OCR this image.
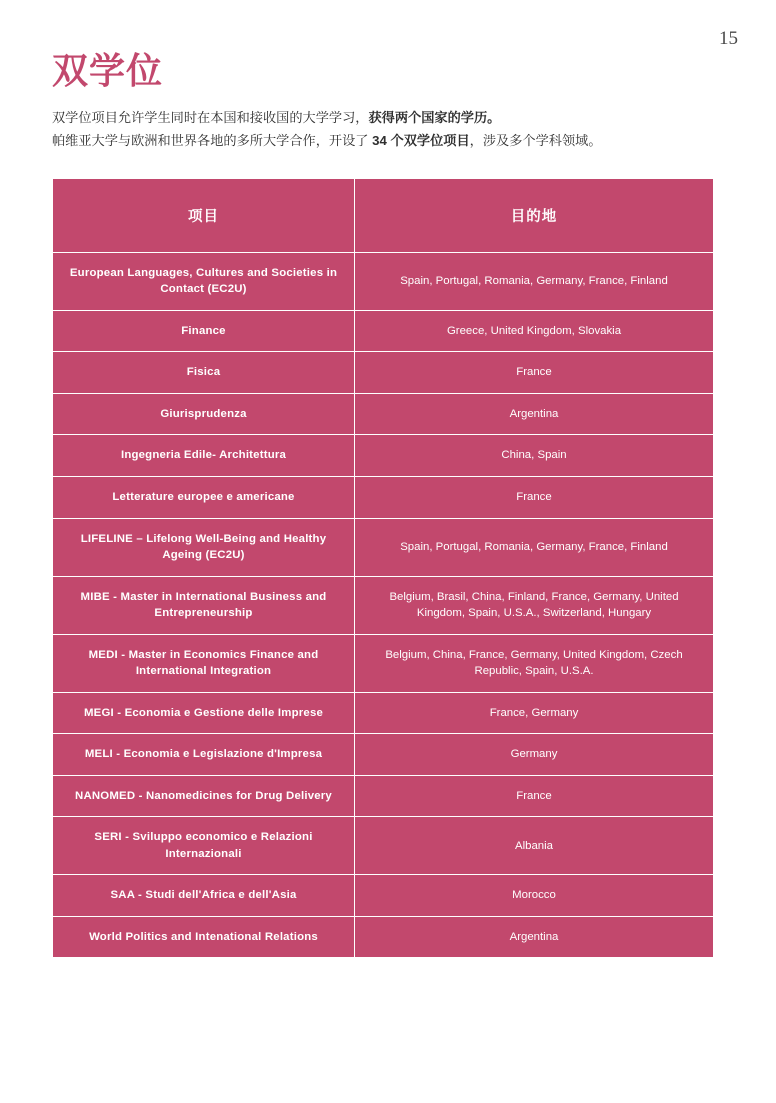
15
双学位

双学位项目允许学生同时在本国和接收国的大学学习，获得两个国家的学历。
帕维亚大学与欧洲和世界各地的多所大学合作，开设了 34 个双学位项目，涉及多个学科领域。

项目	目的地
European Languages, Cultures and Societies in Contact (EC2U)	Spain, Portugal, Romania, Germany, France, Finland
Finance	Greece, United Kingdom, Slovakia
Fisica	France
Giurisprudenza	Argentina
Ingegneria Edile- Architettura	China, Spain
Letterature europee e americane	France
LIFELINE – Lifelong Well-Being and Healthy Ageing (EC2U)	Spain, Portugal, Romania, Germany, France, Finland
MIBE - Master in International Business and Entrepreneurship	Belgium, Brasil, China, Finland, France, Germany, United Kingdom, Spain, U.S.A., Switzerland, Hungary
MEDI - Master in Economics Finance and International Integration	Belgium, China, France, Germany, United Kingdom, Czech Republic, Spain, U.S.A.
MEGI - Economia e Gestione delle Imprese	France, Germany
MELI - Economia e Legislazione d'Impresa	Germany
NANOMED - Nanomedicines for Drug Delivery	France
SERI - Sviluppo economico e Relazioni Internazionali	Albania
SAA - Studi dell'Africa e dell'Asia	Morocco
World Politics and Intenational Relations	Argentina
